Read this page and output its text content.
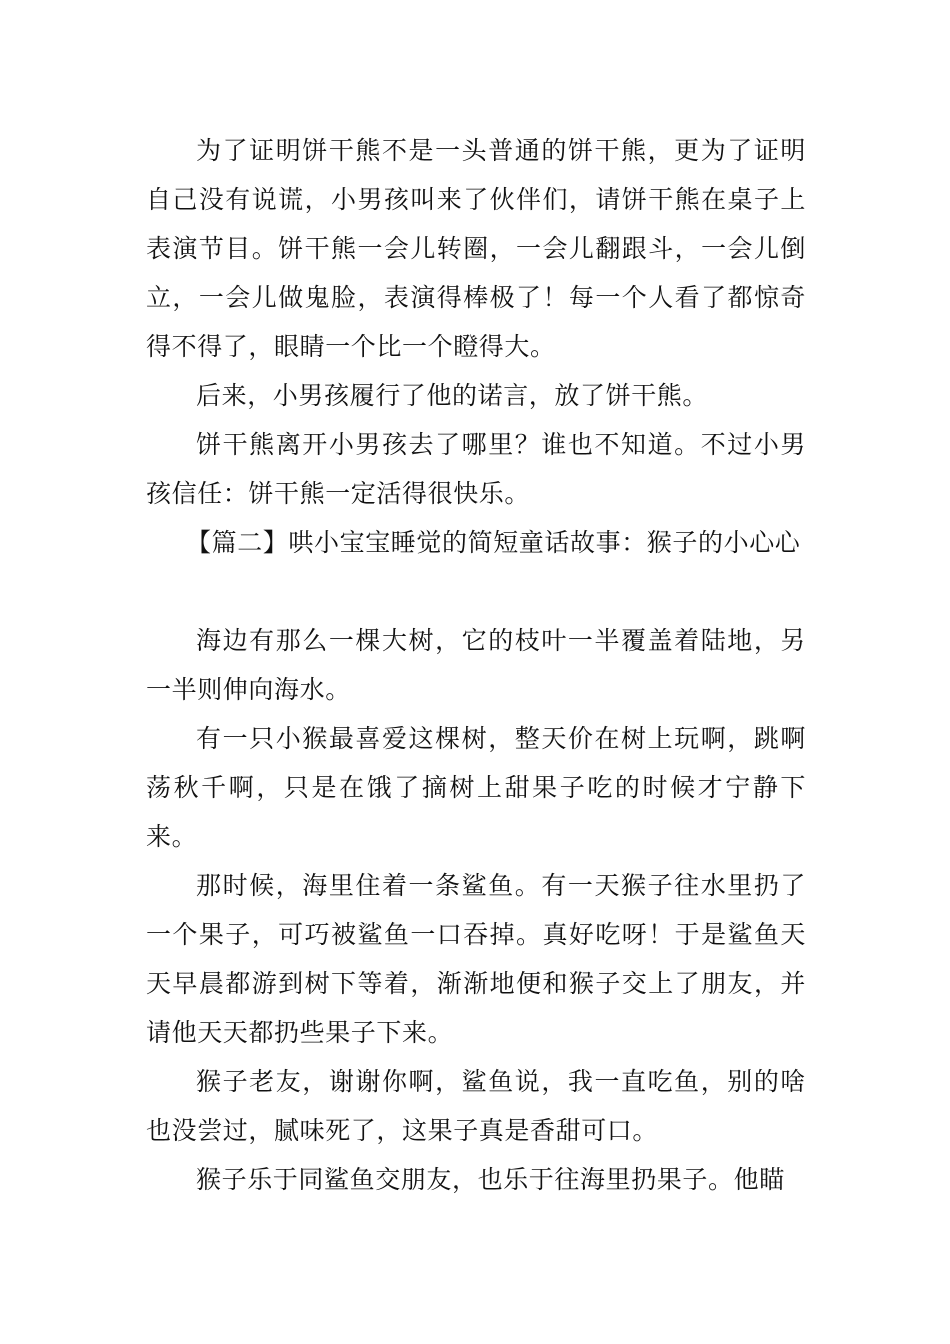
为了证明饼干熊不是一头普通的饼干熊，更为了证明自己没有说谎，小男孩叫来了伙伴们，请饼干熊在桌子上表演节目。饼干熊一会儿转圈，一会儿翻跟斗，一会儿倒立，一会儿做鬼脸，表演得棒极了！每一个人看了都惊奇得不得了，眼睛一个比一个瞪得大。

后来，小男孩履行了他的诺言，放了饼干熊。

饼干熊离开小男孩去了哪里？谁也不知道。不过小男孩信任：饼干熊一定活得很快乐。

【篇二】哄小宝宝睡觉的简短童话故事：猴子的小心心

海边有那么一棵大树，它的枝叶一半覆盖着陆地，另一半则伸向海水。

有一只小猴最喜爱这棵树，整天价在树上玩啊，跳啊荡秋千啊，只是在饿了摘树上甜果子吃的时候才宁静下来。

那时候，海里住着一条鲨鱼。有一天猴子往水里扔了一个果子，可巧被鲨鱼一口吞掉。真好吃呀！于是鲨鱼天天早晨都游到树下等着，渐渐地便和猴子交上了朋友，并请他天天都扔些果子下来。

猴子老友，谢谢你啊，鲨鱼说，我一直吃鱼，别的啥也没尝过，腻味死了，这果子真是香甜可口。

猴子乐于同鲨鱼交朋友，也乐于往海里扔果子。他瞄
